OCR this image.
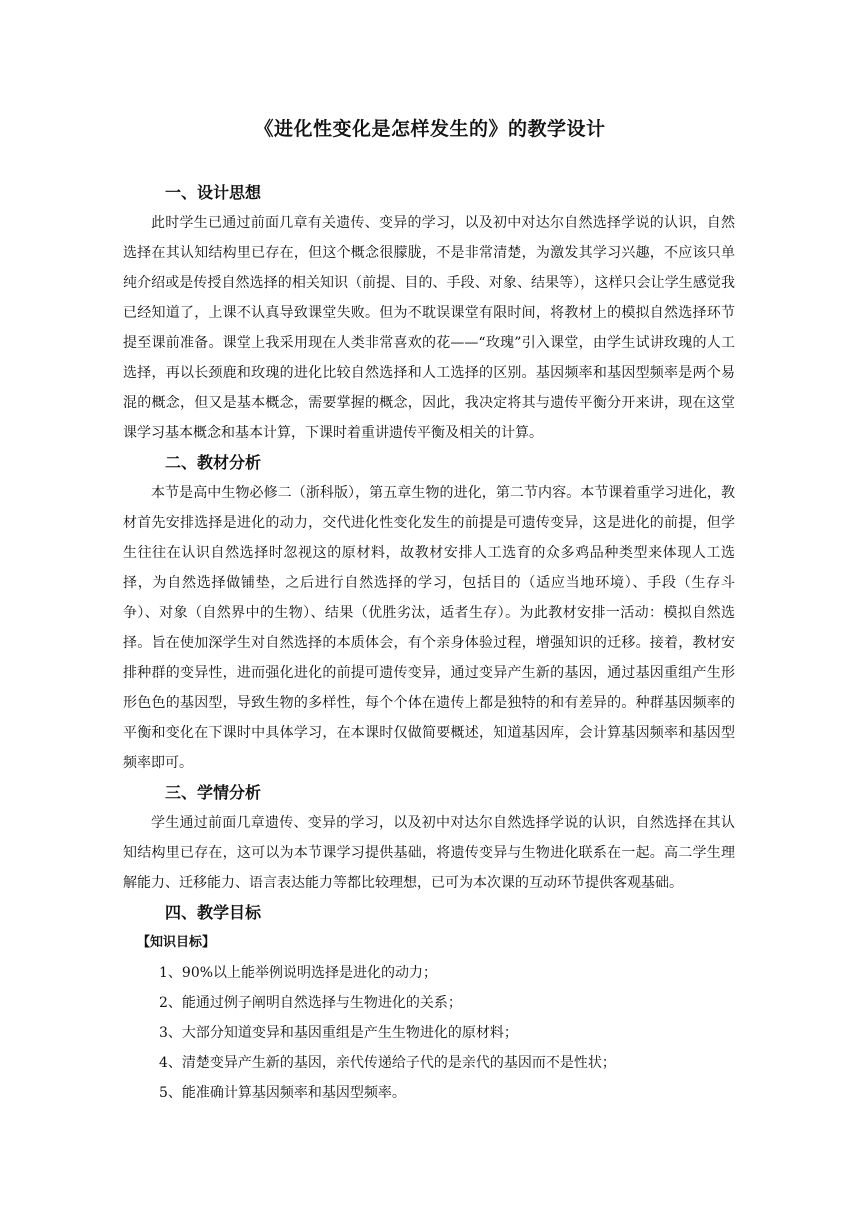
《进化性变化是怎样发生的》的教学设计
一、设计思想

此时学生已通过前面几章有关遗传、变异的学习，以及初中对达尔自然选择学说的认识，自然选择在其认知结构里已存在，但这个概念很朦胧，不是非常清楚，为激发其学习兴趣，不应该只单纯介绍或是传授自然选择的相关知识（前提、目的、手段、对象、结果等），这样只会让学生感觉我已经知道了，上课不认真导致课堂失败。但为不耽误课堂有限时间，将教材上的模拟自然选择环节提至课前准备。课堂上我采用现在人类非常喜欢的花——“玫瑰”引入课堂，由学生试讲玫瑰的人工选择，再以长颈鹿和玫瑰的进化比较自然选择和人工选择的区别。基因频率和基因型频率是两个易混的概念，但又是基本概念，需要掌握的概念，因此，我决定将其与遗传平衡分开来讲，现在这堂课学习基本概念和基本计算，下课时着重讲遗传平衡及相关的计算。

二、教材分析

本节是高中生物必修二（浙科版），第五章生物的进化，第二节内容。本节课着重学习进化，教材首先安排选择是进化的动力，交代进化性变化发生的前提是可遗传变异，这是进化的前提，但学生往往在认识自然选择时忽视这的原材料，故教材安排人工选育的众多鸡品种类型来体现人工选择，为自然选择做铺垫，之后进行自然选择的学习，包括目的（适应当地环境）、手段（生存斗争）、对象（自然界中的生物）、结果（优胜劣汰，适者生存）。为此教材安排一活动：模拟自然选择。旨在使加深学生对自然选择的本质体会，有个亲身体验过程，增强知识的迁移。接着，教材安排种群的变异性，进而强化进化的前提可遗传变异，通过变异产生新的基因，通过基因重组产生形形色色的基因型，导致生物的多样性，每个个体在遗传上都是独特的和有差异的。种群基因频率的平衡和变化在下课时中具体学习，在本课时仅做简要概述，知道基因库，会计算基因频率和基因型频率即可。

三、学情分析

学生通过前面几章遗传、变异的学习，以及初中对达尔自然选择学说的认识，自然选择在其认知结构里已存在，这可以为本节课学习提供基础，将遗传变异与生物进化联系在一起。高二学生理解能力、迁移能力、语言表达能力等都比较理想，已可为本次课的互动环节提供客观基础。

四、教学目标
【知识目标】
1、90%以上能举例说明选择是进化的动力；
2、能通过例子阐明自然选择与生物进化的关系；
3、大部分知道变异和基因重组是产生生物进化的原材料；
4、清楚变异产生新的基因，亲代传递给子代的是亲代的基因而不是性状；
5、能准确计算基因频率和基因型频率。
